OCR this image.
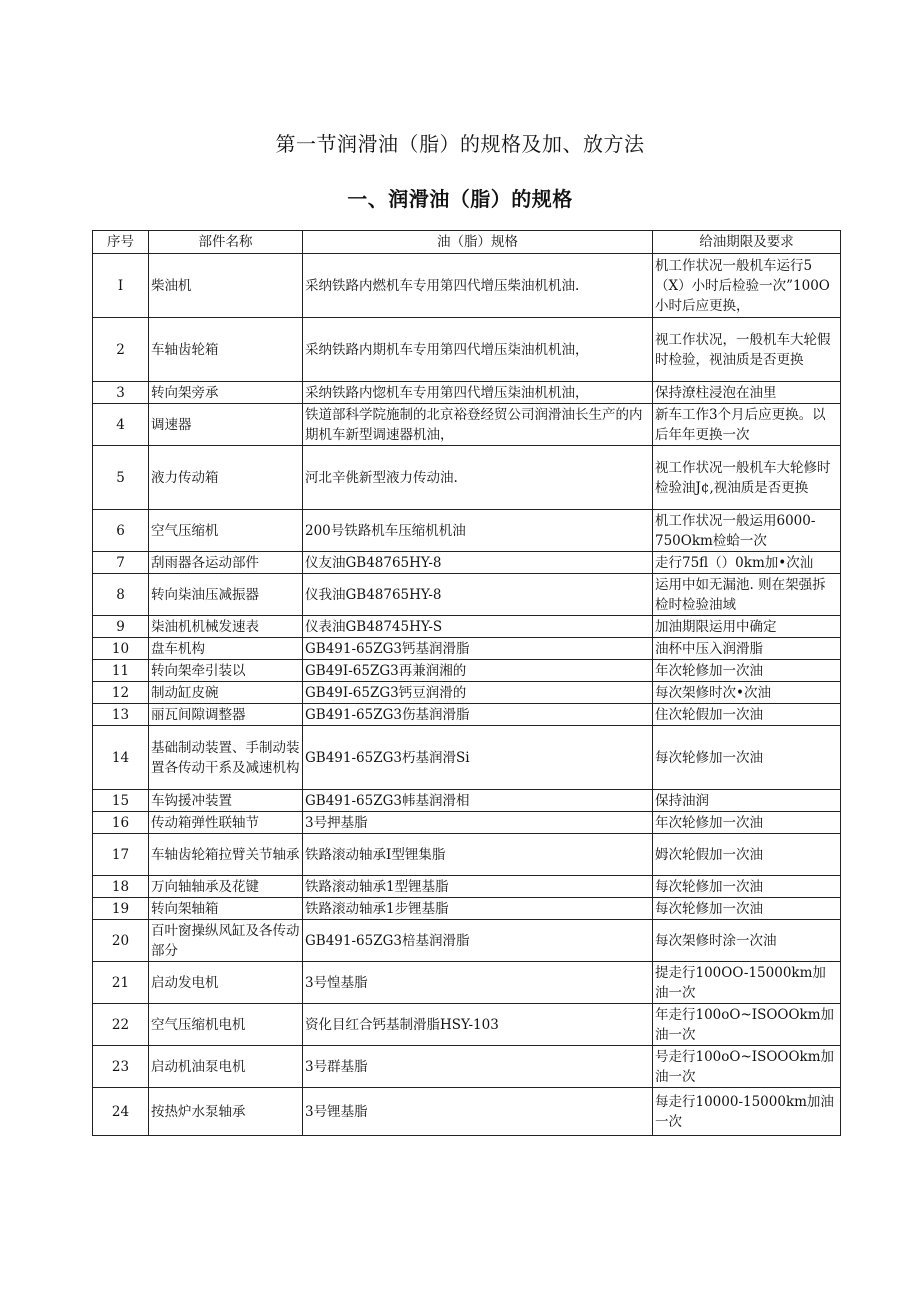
第一节润滑油（脂）的规格及加、放方法
一、润滑油（脂）的规格
序号	部件名称	油（脂）规格	给油期限及要求
I	柴油机	采纳铁路内燃机车专用第四代增压柴油机机油.	机工作状况一般机车运行5（X）小时后检验一次”100O小时后应更换，
2	车轴齿轮箱	采纳铁路内期机车专用第四代增压柒油机机油，	视工作状况，一般机车大轮假时检验，视油质是否更换
3	转向架旁承	采纳铁路内惚机车专用第四代增压柒油机机油，	保持潦柱浸泡在油里
4	调速器	铁道部科学院施制的北京裕登经贸公司润滑油长生产的内期机车新型调速器机油，	新车工作3个月后应更换。以后年年更换一次
5	液力传动箱	河北辛佻新型液力传动油.	视工作状况一般机车大轮修时检验油J¢,视油质是否更换
6	空气压缩机	200号铁路机车压缩机机油	机工作状况一般运用6000-750Okm检蛤一次
7	刮雨器各运动部件	仪友油GB48765HY-8	走行75fl（）0km加•次汕
8	转向柒油压减振器	仪我油GB48765HY-8	运用中如无漏池. 则在架强拆检时检验油域
9	柒油机机械发速表	仪表油GB48745HY-S	加油期限运用中确定
10	盘车机构	GB491-65ZG3钙基润滑脂	油杯中压入润滑脂
11	转向架牵引装以	GB49I-65ZG3再兼润湘的	年次轮修加一次油
12	制动缸皮碗	GB49I-65ZG3钙豆润滑的	每次架修时次•次油
13	丽瓦间隙调整器	GB491-65ZG3伤基润滑脂	住次轮假加一次油
14	基础制动装置、手制动装置各传动干系及减速机构	GB491-65ZG3朽基润滑Si	每次轮修加一次油
15	车钩援冲装置	GB491-65ZG3帏基润滑相	保持油润
16	传动箱弹性联轴节	3号押基脂	年次轮修加一次油
17	车轴齿轮箱拉臂关节轴承	铁路滚动轴承I型锂集脂	姆次轮假加一次油
18	万向轴轴承及花键	铁路滚动轴承1型锂基脂	每次轮修加一次油
19	转向架轴箱	铁路滚动轴承1步锂基脂	每次轮修加一次油
20	百叶窗操纵风缸及各传动部分	GB491-65ZG3棓基润滑脂	每次架修时涂一次油
21	启动发电机	3号惶基脂	提走行100OO-15000km加油一次
22	空气压缩机电机	资化目红合钙基制滑脂HSY-103	年走行100oO~ISOOOkm加油一次
23	启动机油泵电机	3号群基脂	号走行100oO~ISOOOkm加油一次
24	按热炉水泵轴承	3号锂基脂	每走行10000-15000km加油一次
